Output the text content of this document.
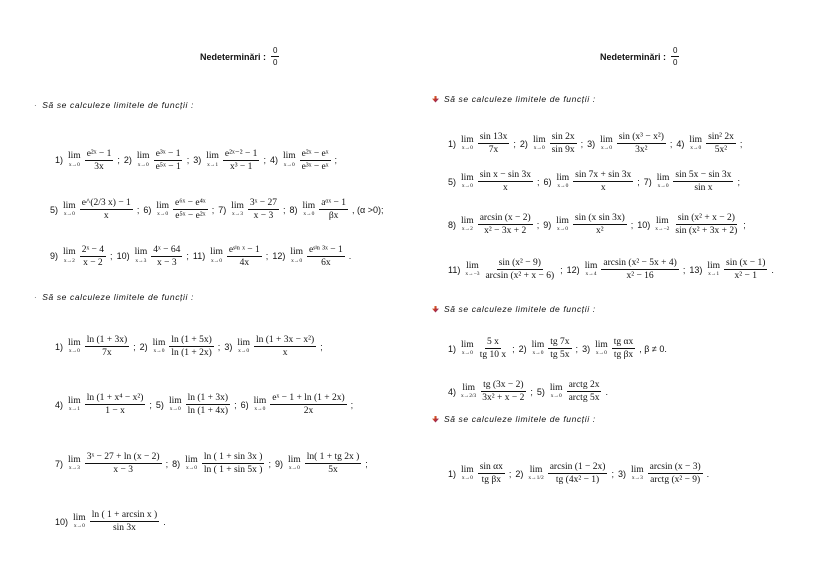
Nedeterminări : $\frac{0}{0}$
· Să se calculeze limitele de funcții :
1) lim
$x\to 0 \frac{\text{e²ˣ − 1}}{3x}$ ; 2) lim
$x\to 0 \frac{\text{e³ˣ − 1}}{\text{e⁵ˣ − 1}}$ ; 3) lim
$x\to 1 \frac{\text{e²ˣ⁻² − 1}}{\text{x³ − 1}}$ ; 4) lim
$x\to 0 \frac{\text{e²ˣ − eˣ}}{\text{e³ˣ − eˣ}}$ ;
5) lim
$x\to 0 \frac{e\^{}(2/3 x) - 1}{x}$ ; 6) lim
$x\to 0 \frac{\text{e⁶ˣ − e⁴ˣ}}{\text{e⁵ˣ − e²ˣ}}$ ; 7) lim
$x\to 3 \frac{\text{3ˣ − 27}}{x - 3}$ ; 8) lim
$x\to 0 \frac{\text{aᵅˣ − 1}}{\beta x}$ , (α >0);
9) lim
$x\to 2 \frac{\text{2ˣ − 4}}{x - 2}$ ; 10) lim
$x\to 3 \frac{\text{4ˣ − 64}}{x - 3}$ ; 11) lim
$x\to 0 \frac{\text{eˢⁱⁿ ˣ − 1}}{4x}$ ; 12) lim
$x\to 0 \frac{\text{eˢⁱⁿ ³ˣ − 1}}{6x}$ .
· Să se calculeze limitele de funcții :
1) lim
$x\to 0 \frac{\ln (1 + 3x)}{7x}$ ; 2) lim
$x\to 0 \frac{\ln (1 + 5x)}{\ln (1 + 2x)}$ ; 3) lim
$x\to 0 \frac{\text{ln (1 + 3x − x²)}}{x}$ ;
4) lim
$x\to 1 \frac{\text{ln (1 + x⁴ − x²)}}{1 - x}$ ; 5) lim
$x\to 0 \frac{\ln (1 + 3x)}{\ln (1 + 4x)}$ ; 6) lim
$x\to 0 \frac{\text{eˣ − 1 + ln (1 + 2x)}}{2x}$ ;
7) lim
$x\to 3 \frac{\text{3ˣ − 27 + ln (x − 2)}}{x - 3}$ ; 8) lim
$x\to 0 \frac{\ln ( 1 + \sin 3x )}{\ln ( 1 + \sin 5x )}$ ; 9) lim
$x\to 0 \frac{\ln( 1 + tg 2x )}{5x}$ ;
10) lim
$x\to 0 \frac{\text{ln ( 1 + arcsin x )}}{\sin 3x}$ .
Nedeterminări : $\frac{0}{0}$
Să se calculeze limitele de funcții :
1) lim
$x\to 0 \frac{\sin 13x}{7x}$ ; 2) lim
$x\to 0 \frac{\sin 2x}{\sin 9x}$ ; 3) lim
$x\to 0 \frac{\text{sin (x³ − x²)}}{\text{3x²}}$ ; 4) lim
$x\to 0 \frac{\text{sin² 2x}}{\text{5x²}}$ ;
5) lim
$x\to 0 \frac{\text{sin x − sin 3x}}{x}$ ; 6) lim
$x\to 0 \frac{\sin 7x + \sin 3x}{x}$ ; 7) lim
$x\to 0 \frac{\sin 5x - \sin 3x}{\text{sin x}}$ ;
8) lim
$x\to 2 \frac{\arcsin (x - 2)}{\text{x² − 3x + 2}}$ ; 9) lim
$x\to 0 \frac{\text{sin (x sin 3x)}}{\text{x²}}$ ; 10) lim
$x\to-2 \frac{\text{sin (x² + x − 2)}}{\text{sin (x² + 3x + 2)}}$ ;
11) lim
$x\to-3 \frac{\text{sin (x² − 9)}}{\text{arcsin (x² + x − 6)}}$ ; 12) lim
$x\to 4 \frac{\text{arcsin (x² − 5x + 4)}}{\text{x² − 16}}$ ; 13) lim
$x\to 1 \frac{\sin (x - 1)}{\text{x² − 1}}$ .
Să se calculeze limitele de funcții :
1) lim
$x\to 0 \frac{5 x}{tg 10 x}$ ; 2) lim
$x\to 0 \frac{tg 7x}{tg 5x}$ ; 3) lim
$x\to 0 \frac{\text{tg αx}}{\text{tg βx}}$ , β ≠ 0.
4) lim
$x\to 2/3 \frac{tg (3x - 2)}{\text{3x² + x − 2}}$ ; 5) lim
$x\to 0 \frac{\text{arctg 2x}}{\text{arctg 5x}}$ .
Să se calculeze limitele de funcții :
1) lim
$x\to 0 \frac{\text{sin αx}}{\text{tg βx}}$ ; 2) lim
$x\to 1/2 \frac{\arcsin (1 - 2x)}{\text{tg (4x² − 1)}}$ ; 3) lim
$x\to 3 \frac{\arcsin (x - 3)}{\text{arctg (x² − 9)}}$ .
